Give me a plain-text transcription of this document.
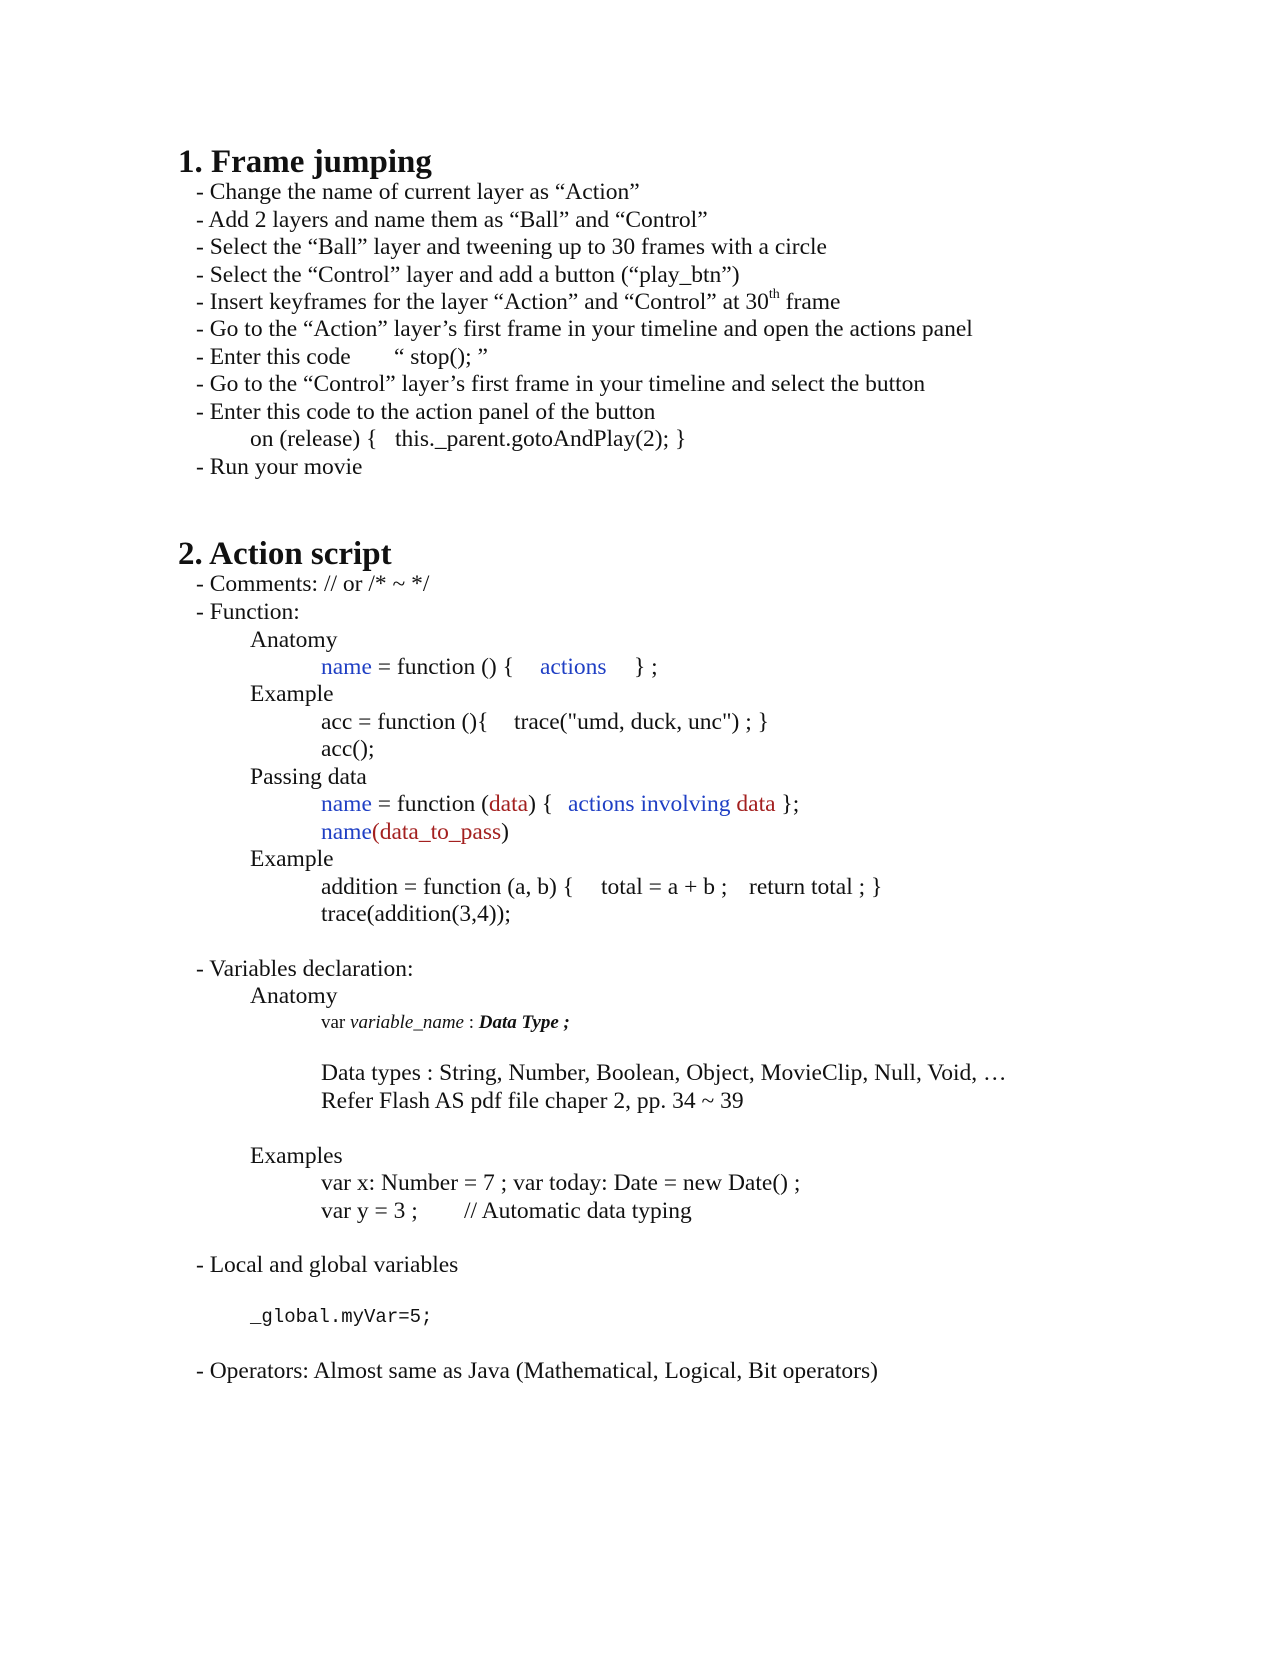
1. Frame jumping
- Change the name of current layer as “Action”
- Add 2 layers and name them as “Ball” and “Control”
- Select the “Ball” layer and tweening up to 30 frames with a circle
- Select the “Control” layer and add a button (“play_btn”)
- Insert keyframes for the layer “Action” and “Control” at 30th frame
- Go to the “Action” layer’s first frame in your timeline and open the actions panel
- Enter this code “ stop(); ”
- Go to the “Control” layer’s first frame in your timeline and select the button
- Enter this code to the action panel of the button
on (release) {   this._parent.gotoAndPlay(2); }
- Run your movie
2. Action script
- Comments: // or /* ~ */
- Function:
Anatomy
name = function () { actions } ;
Example
acc = function (){ trace("umd, duck, unc") ; }
acc();
Passing data
name = function (data) { actions involving data };
name(data_to_pass)
Example
addition = function (a, b) { total = a + b ; return total ; }
trace(addition(3,4));
- Variables declaration:
Anatomy
var variable_name : Data Type ;
Data types : String, Number, Boolean, Object, MovieClip, Null, Void, …
Refer Flash AS pdf file chaper 2, pp. 34 ~ 39
Examples
var x: Number = 7 ; var today: Date = new Date() ;
var y = 3 ; // Automatic data typing
- Local and global variables
_global.myVar=5;
- Operators: Almost same as Java (Mathematical, Logical, Bit operators)
